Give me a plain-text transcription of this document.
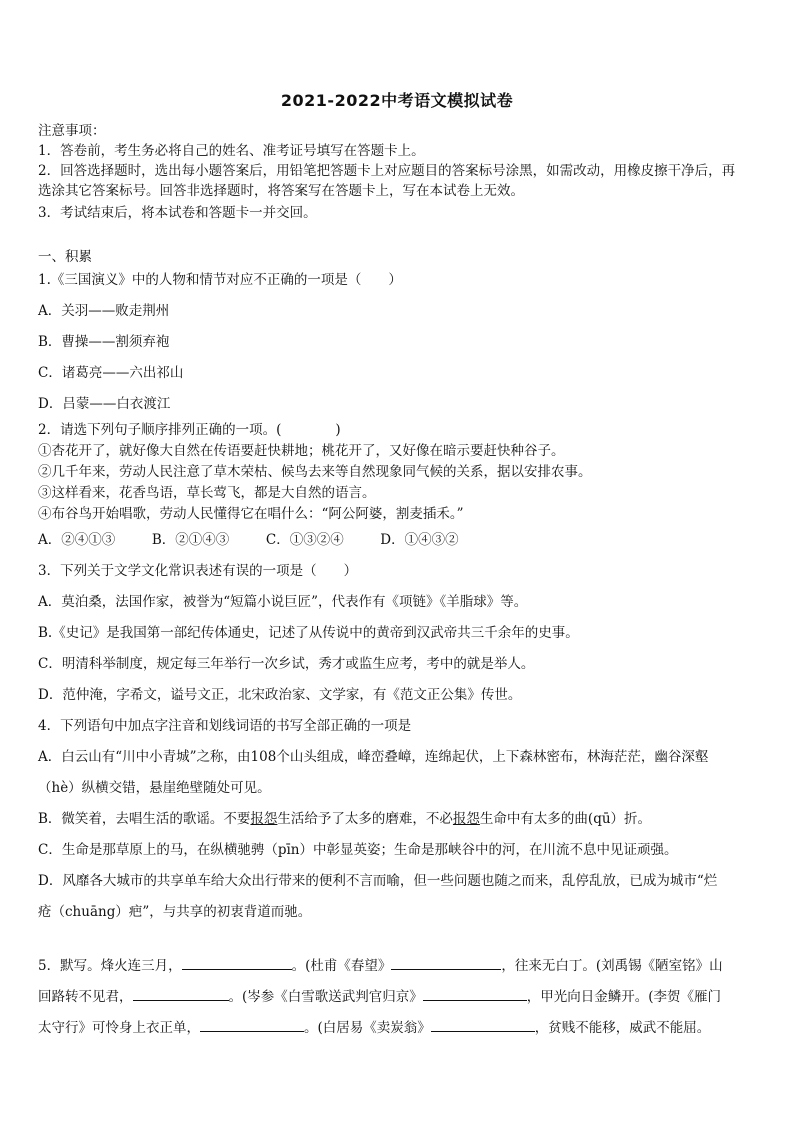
2021-2022中考语文模拟试卷
注意事项：
1．答卷前，考生务必将自己的姓名、准考证号填写在答题卡上。
2．回答选择题时，选出每小题答案后，用铅笔把答题卡上对应题目的答案标号涂黑，如需改动，用橡皮擦干净后，再
选涂其它答案标号。回答非选择题时，将答案写在答题卡上，写在本试卷上无效。
3．考试结束后，将本试卷和答题卡一并交回。
一、积累
1.《三国演义》中的人物和情节对应不正确的一项是（　　）
A．关羽——败走荆州
B．曹操——割须弃袍
C．诸葛亮——六出祁山
D．吕蒙——白衣渡江
2．请选下列句子顺序排列正确的一项。(　　　　)
①杏花开了，就好像大自然在传语要赶快耕地；桃花开了，又好像在暗示要赶快种谷子。
②几千年来，劳动人民注意了草木荣枯、候鸟去来等自然现象同气候的关系，据以安排农事。
③这样看来，花香鸟语，草长莺飞，都是大自然的语言。
④布谷鸟开始唱歌，劳动人民懂得它在唱什么：“阿公阿婆，割麦插禾。”
A．②④①③	B．②①④③	C．①③②④	D．①④③②
3．下列关于文学文化常识表述有误的一项是（　　）
A．莫泊桑，法国作家，被誉为“短篇小说巨匠”，代表作有《项链》《羊脂球》等。
B.《史记》是我国第一部纪传体通史，记述了从传说中的黄帝到汉武帝共三千余年的史事。
C．明清科举制度，规定每三年举行一次乡试，秀才或监生应考，考中的就是举人。
D．范仲淹，字希文，谥号文正，北宋政治家、文学家，有《范文正公集》传世。
4．下列语句中加点字注音和划线词语的书写全部正确的一项是
A．白云山有“川中小青城”之称，由108个山头组成，峰峦叠嶂，连绵起伏，上下森林密布，林海茫茫，幽谷深壑
（hè）纵横交错，悬崖绝壁随处可见。
B．微笑着，去唱生活的歌谣。不要报怨生活给予了太多的磨难，不必报怨生命中有太多的曲(qū）折。
C．生命是那草原上的马，在纵横驰骋（pīn）中彰显英姿；生命是那峡谷中的河，在川流不息中见证顽强。
D．风靡各大城市的共享单车给大众出行带来的便利不言而喻，但一些问题也随之而来，乱停乱放，已成为城市“烂
疮（chuāng）疤”，与共享的初衷背道而驰。
5．默写。烽火连三月，	。(杜甫《春望》	，往来无白丁。(刘禹锡《陋室铭》山
回路转不见君，	。(岑参《白雪歌送武判官归京》	，甲光向日金鳞开。(李贺《雁门
太守行》可怜身上衣正单，	。(白居易《卖炭翁》	，贫贱不能移，威武不能屈。
